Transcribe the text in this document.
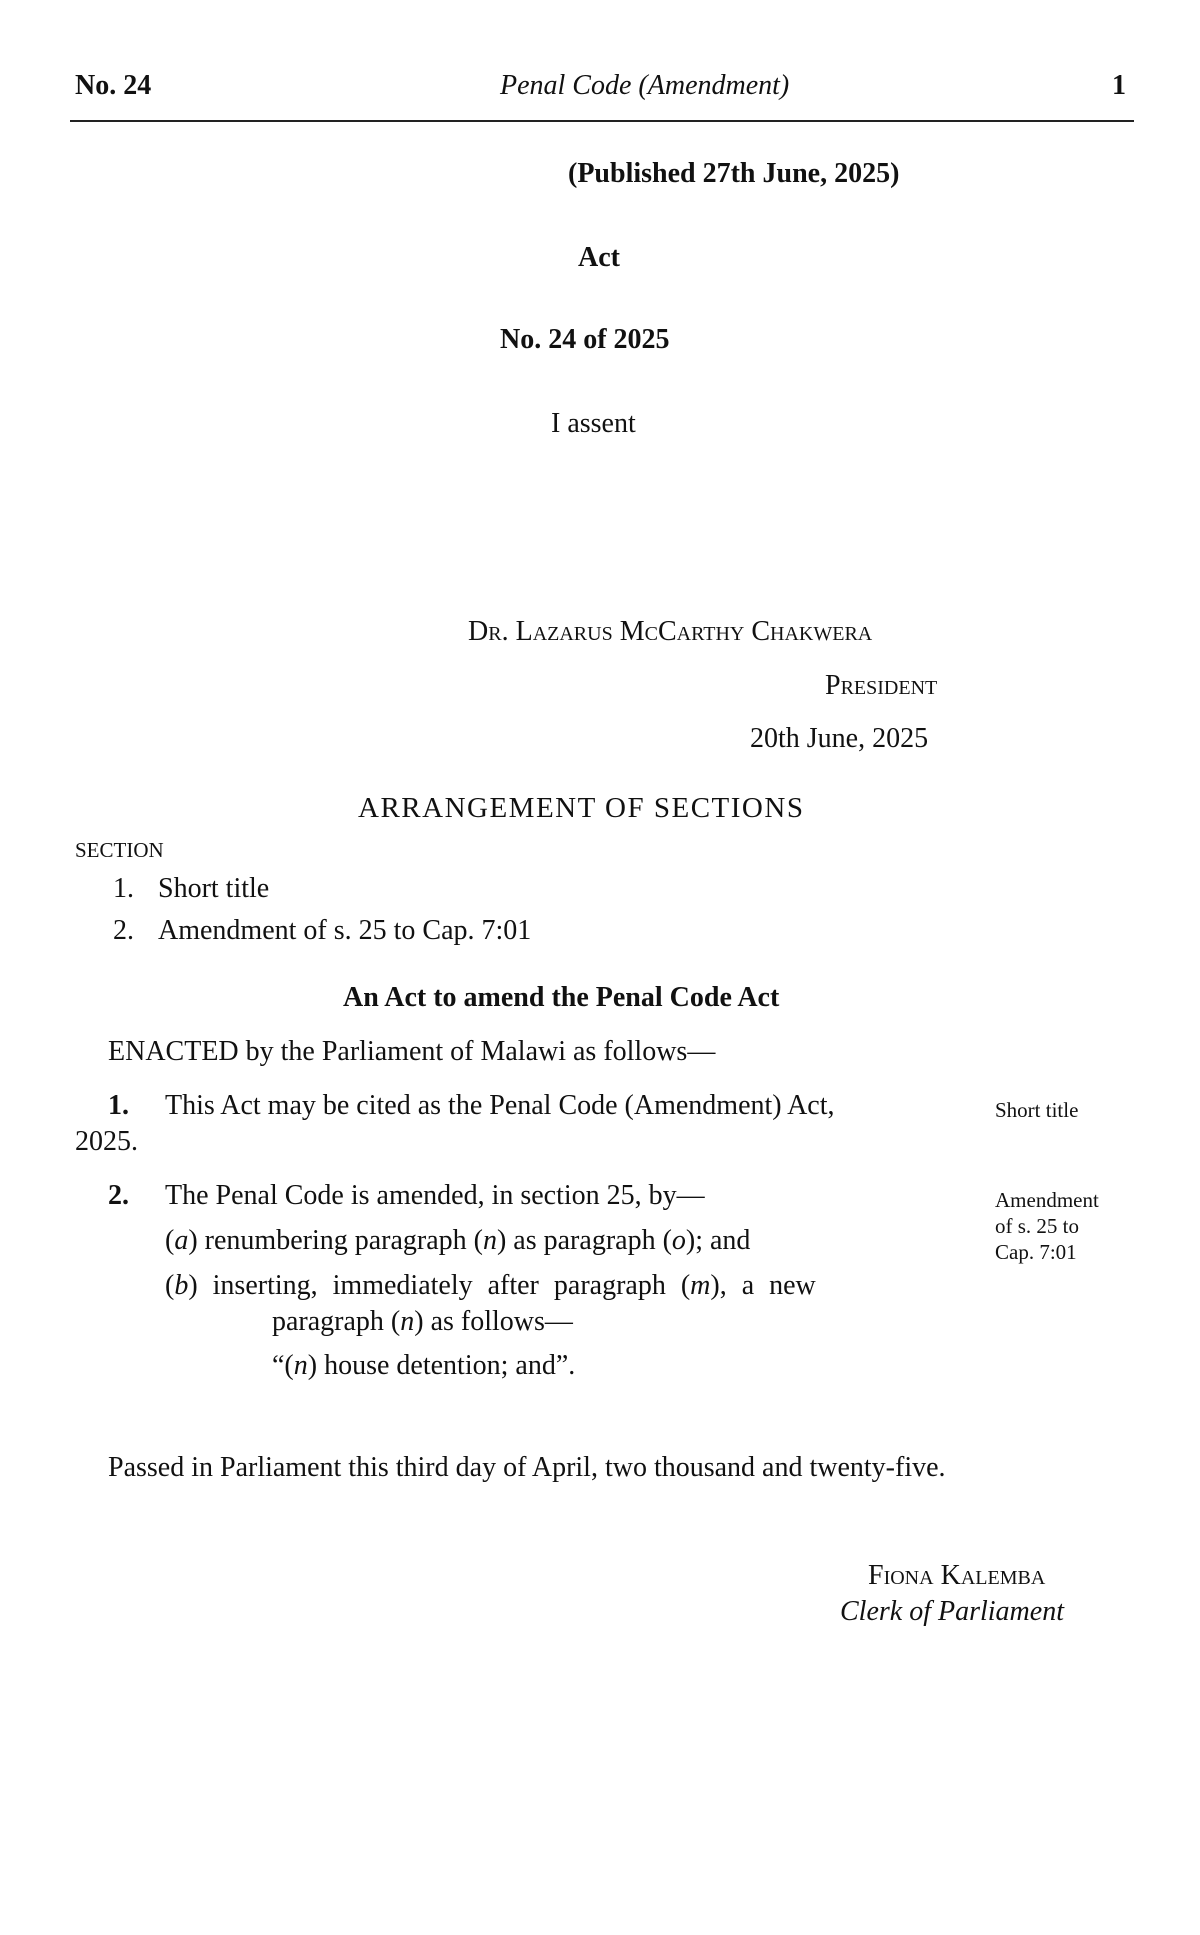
No. 24	Penal Code (Amendment)	1
(Published 27th June, 2025)
Act
No. 24 of 2025
I assent
Dr. Lazarus McCarthy Chakwera
President
20th June, 2025
ARRANGEMENT OF SECTIONS
SECTION
1. Short title
2. Amendment of s. 25 to Cap. 7:01
An Act to amend the Penal Code Act
ENACTED by the Parliament of Malawi as follows—
1. This Act may be cited as the Penal Code (Amendment) Act,
2025.
Short title
2. The Penal Code is amended, in section 25, by—
(a) renumbering paragraph (n) as paragraph (o); and
(b) inserting, immediately after paragraph (m), a new
paragraph (n) as follows—
“(n) house detention; and”.
Amendment
of s. 25 to
Cap. 7:01
Passed in Parliament this third day of April, two thousand and twenty-five.
Fiona Kalemba
Clerk of Parliament
